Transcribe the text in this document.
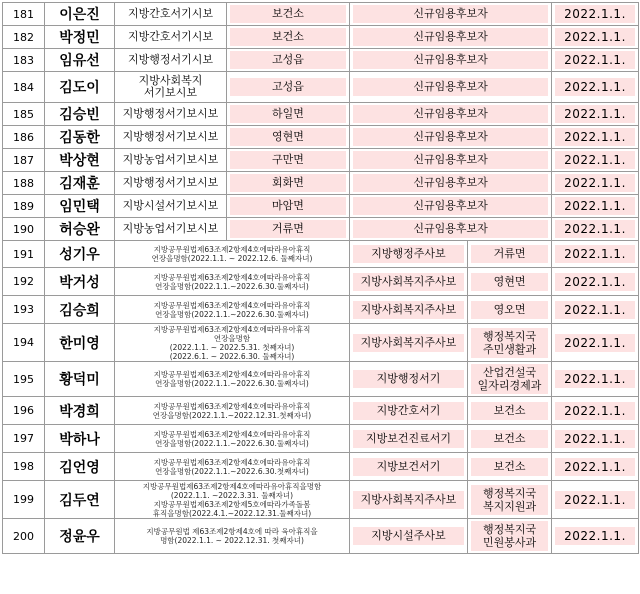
181	이은진	지방간호서기시보	보건소	신규임용후보자		2022.1.1.

182	박정민	지방간호서기시보	보건소	신규임용후보자		2022.1.1.

183	임유선	지방행정서기시보	고성읍	신규임용후보자		2022.1.1.

184	김도이	지방사회복지
서기보시보	고성읍	신규임용후보자		2022.1.1.

185	김승빈	지방행정서기보시보	하일면	신규임용후보자		2022.1.1.

186	김동한	지방행정서기보시보	영현면	신규임용후보자		2022.1.1.

187	박상현	지방농업서기보시보	구만면	신규임용후보자		2022.1.1.

188	김재훈	지방행정서기보시보	회화면	신규임용후보자		2022.1.1.

189	임민택	지방시설서기보시보	마암면	신규임용후보자		2022.1.1.

190	허승완	지방농업서기보시보	거류면	신규임용후보자		2022.1.1.

191	성기우	지방공무원법제63조제2항제4호에따라유아휴직
연장을명함(2022.1.1. ~ 2022.12.6. 둘째자녀)		지방행정주사보	거류면	2022.1.1.

192	박거성	지방공무원법제63조제2항제4호에따라유아휴직
연장을명함(2022.1.1.~2022.6.30.둘째자녀)		지방사회복지주사보	영현면	2022.1.1.

193	김승희	지방공무원법제63조제2항제4호에따라유아휴직
연장을명함(2022.1.1.~2022.6.30.둘째자녀)		지방사회복지주사보	영오면	2022.1.1.

194	한미영	지방공무원법제63조제2항제4호에따라유아휴직
연장을명함
(2022.1.1. ~ 2022.5.31. 첫째자녀)
(2022.6.1. ~ 2022.6.30. 둘째자녀)		지방사회복지주사보	행정복지국
주민생활과	2022.1.1.

195	황덕미	지방공무원법제63조제2항제4호에따라유아휴직
연장을명함(2022.1.1.~2022.6.30.둘째자녀)		지방행정서기	산업건설국
일자리경제과	2022.1.1.

196	박경희	지방공무원법제63조제2항제4호에따라유아휴직
연장을명함(2022.1.1.~2022.12.31.첫째자녀)		지방간호서기	보건소	2022.1.1.

197	박하나	지방공무원법제63조제2항제4호에따라유아휴직
연장을명함(2022.1.1.~2022.6.30.둘째자녀)		지방보건진료서기	보건소	2022.1.1.

198	김언영	지방공무원법제63조제2항제4호에따라유아휴직
연장을명함(2022.1.1.~2022.6.30.첫째자녀)		지방보건서기	보건소	2022.1.1.

199	김두연	지방공무원법제63조제2항제4호에따라유아휴직을명함
(2022.1.1. ~2022.3.31. 둘째자녀)
지방공무원법제63조제2항제5호에따라가족돌봄
휴직을명함(2022.4.1.~2022.12.31.둘째자녀)		지방사회복지주사보	행정복지국
복지지원과	2022.1.1.

200	정윤우	지방공무원법 제63조제2항제4호에 따라 육아휴직을
명함(2022.1.1. ~ 2022.12.31. 첫째자녀)		지방시설주사보	행정복지국
민원봉사과	2022.1.1.
